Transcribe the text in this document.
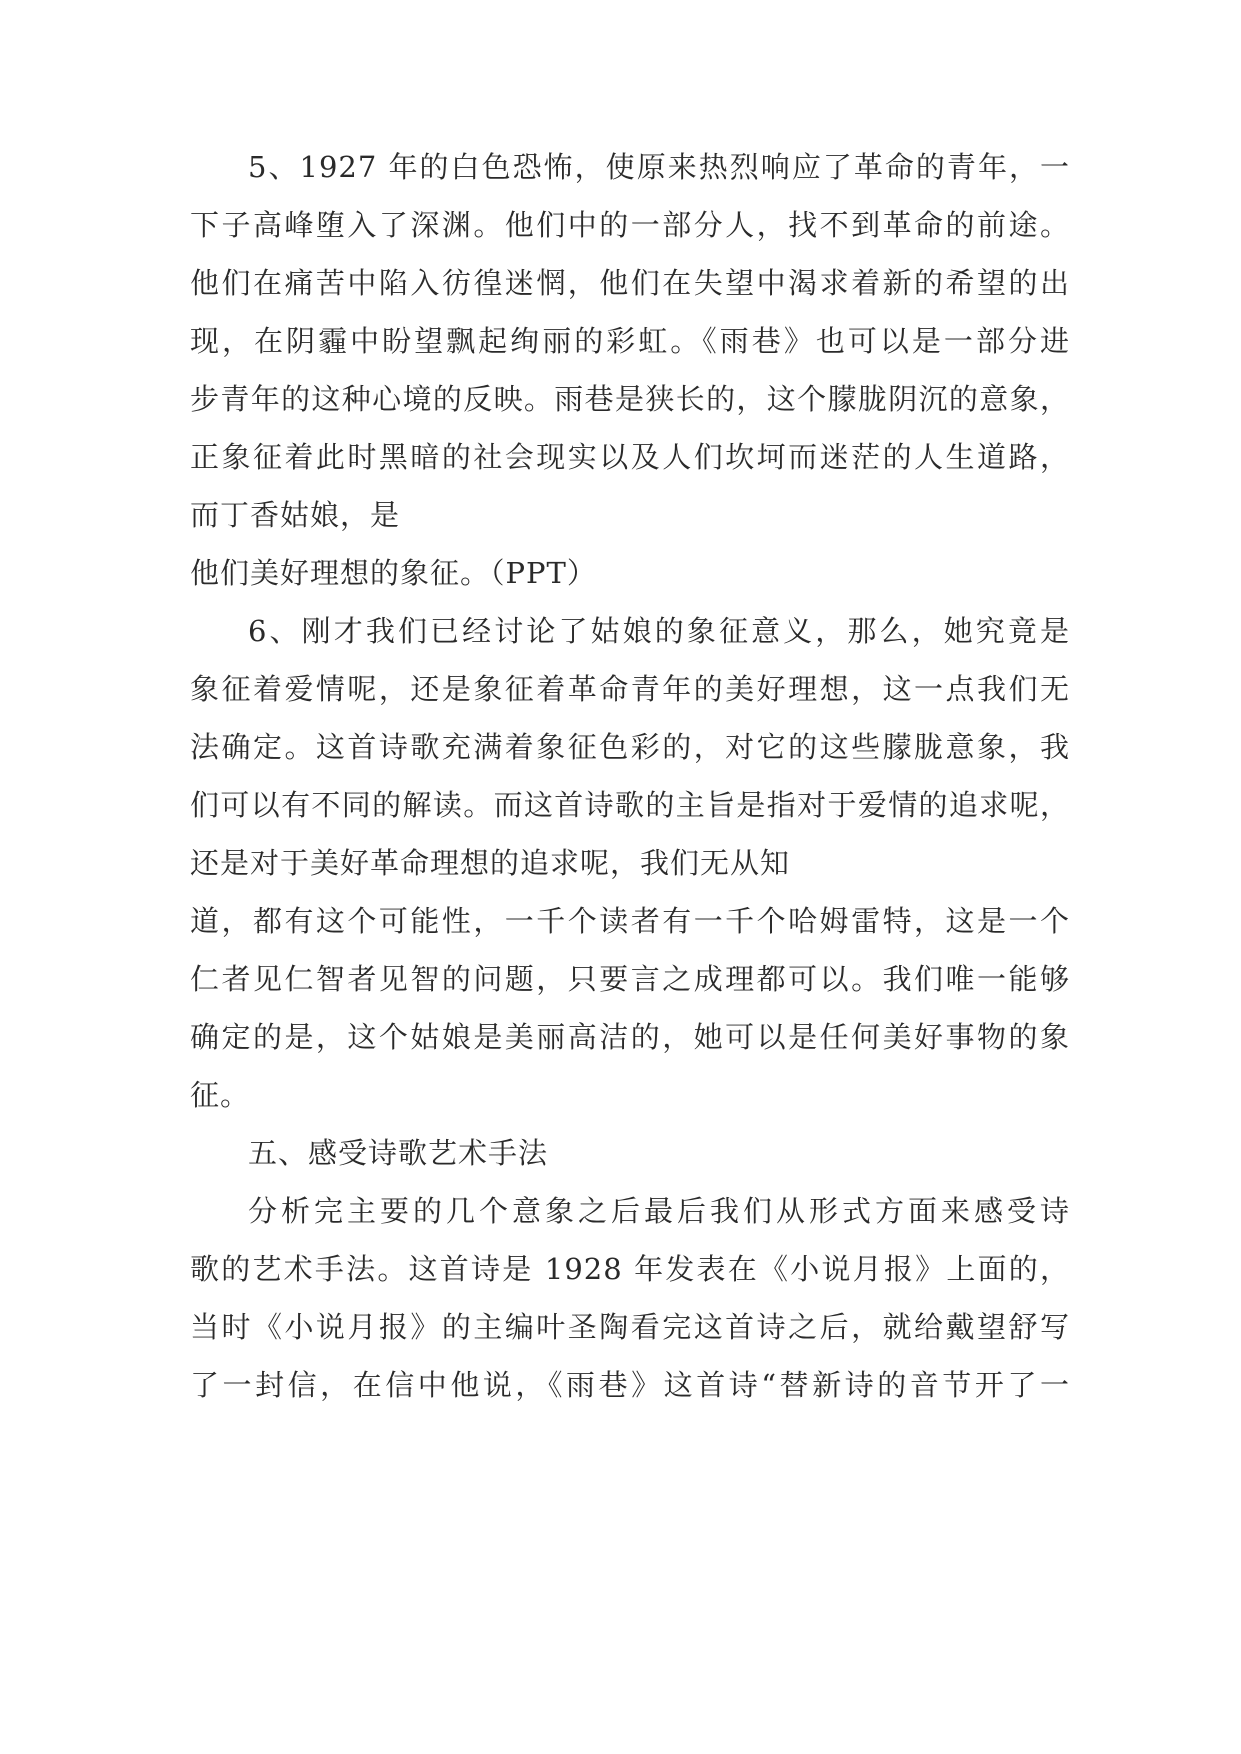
5、1927 年的白色恐怖，使原来热烈响应了革命的青年，一
下子高峰堕入了深渊。他们中的一部分人，找不到革命的前途。
他们在痛苦中陷入彷徨迷惘，他们在失望中渴求着新的希望的出
现，在阴霾中盼望飘起绚丽的彩虹。《雨巷》也可以是一部分进
步青年的这种心境的反映。雨巷是狭长的，这个朦胧阴沉的意象，
正象征着此时黑暗的社会现实以及人们坎坷而迷茫的人生道路，
而丁香姑娘，是
他们美好理想的象征。（PPT）
6、刚才我们已经讨论了姑娘的象征意义，那么，她究竟是
象征着爱情呢，还是象征着革命青年的美好理想，这一点我们无
法确定。这首诗歌充满着象征色彩的，对它的这些朦胧意象，我
们可以有不同的解读。而这首诗歌的主旨是指对于爱情的追求呢，
还是对于美好革命理想的追求呢，我们无从知
道，都有这个可能性，一千个读者有一千个哈姆雷特，这是一个
仁者见仁智者见智的问题，只要言之成理都可以。我们唯一能够
确定的是，这个姑娘是美丽高洁的，她可以是任何美好事物的象
征。
五、感受诗歌艺术手法
分析完主要的几个意象之后最后我们从形式方面来感受诗
歌的艺术手法。这首诗是 1928 年发表在《小说月报》上面的，
当时《小说月报》的主编叶圣陶看完这首诗之后，就给戴望舒写
了一封信，在信中他说，《雨巷》这首诗“替新诗的音节开了一
